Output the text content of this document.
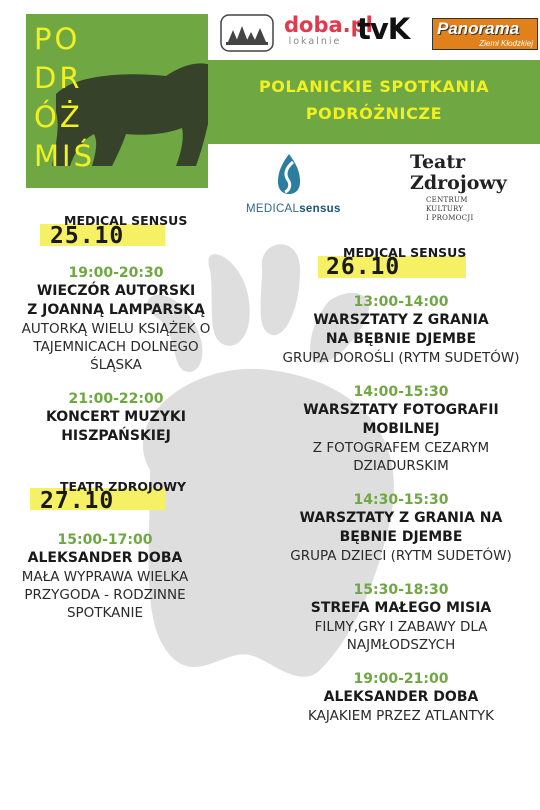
PO
DR
ÓŻ
MIŚ
POLANICKIE SPOTKANIA
PODRÓŻNICZE
doba.pl
lokalnie tvK Panorama
Ziemi Kłodzkiej
MEDICALsensus
Teatr
Zdrojowy
CENTRUM
KULTURY
I PROMOCJI
MEDICAL SENSUS
25.10
19:00-20:30
WIECZÓR AUTORSKI
Z JOANNĄ LAMPARSKĄ
AUTORKĄ WIELU KSIĄŻEK O
TAJEMNICACH DOLNEGO
ŚLĄSKA
21:00-22:00
KONCERT MUZYKI
HISZPAŃSKIEJ
TEATR ZDROJOWY
27.10
15:00-17:00
ALEKSANDER DOBA
MAŁA WYPRAWA WIELKA
PRZYGODA - RODZINNE
SPOTKANIE
MEDICAL SENSUS
26.10
13:00-14:00
WARSZTATY Z GRANIA
NA BĘBNIE DJEMBE
GRUPA DOROŚLI (RYTM SUDETÓW)
14:00-15:30
WARSZTATY FOTOGRAFII
MOBILNEJ
Z FOTOGRAFEM CEZARYM
DZIADURSKIM
14:30-15:30
WARSZTATY Z GRANIA NA
BĘBNIE DJEMBE
GRUPA DZIECI (RYTM SUDETÓW)
15:30-18:30
STREFA MAŁEGO MISIA
FILMY,GRY I ZABAWY DLA
NAJMŁODSZYCH
19:00-21:00
ALEKSANDER DOBA
KAJAKIEM PRZEZ ATLANTYK
